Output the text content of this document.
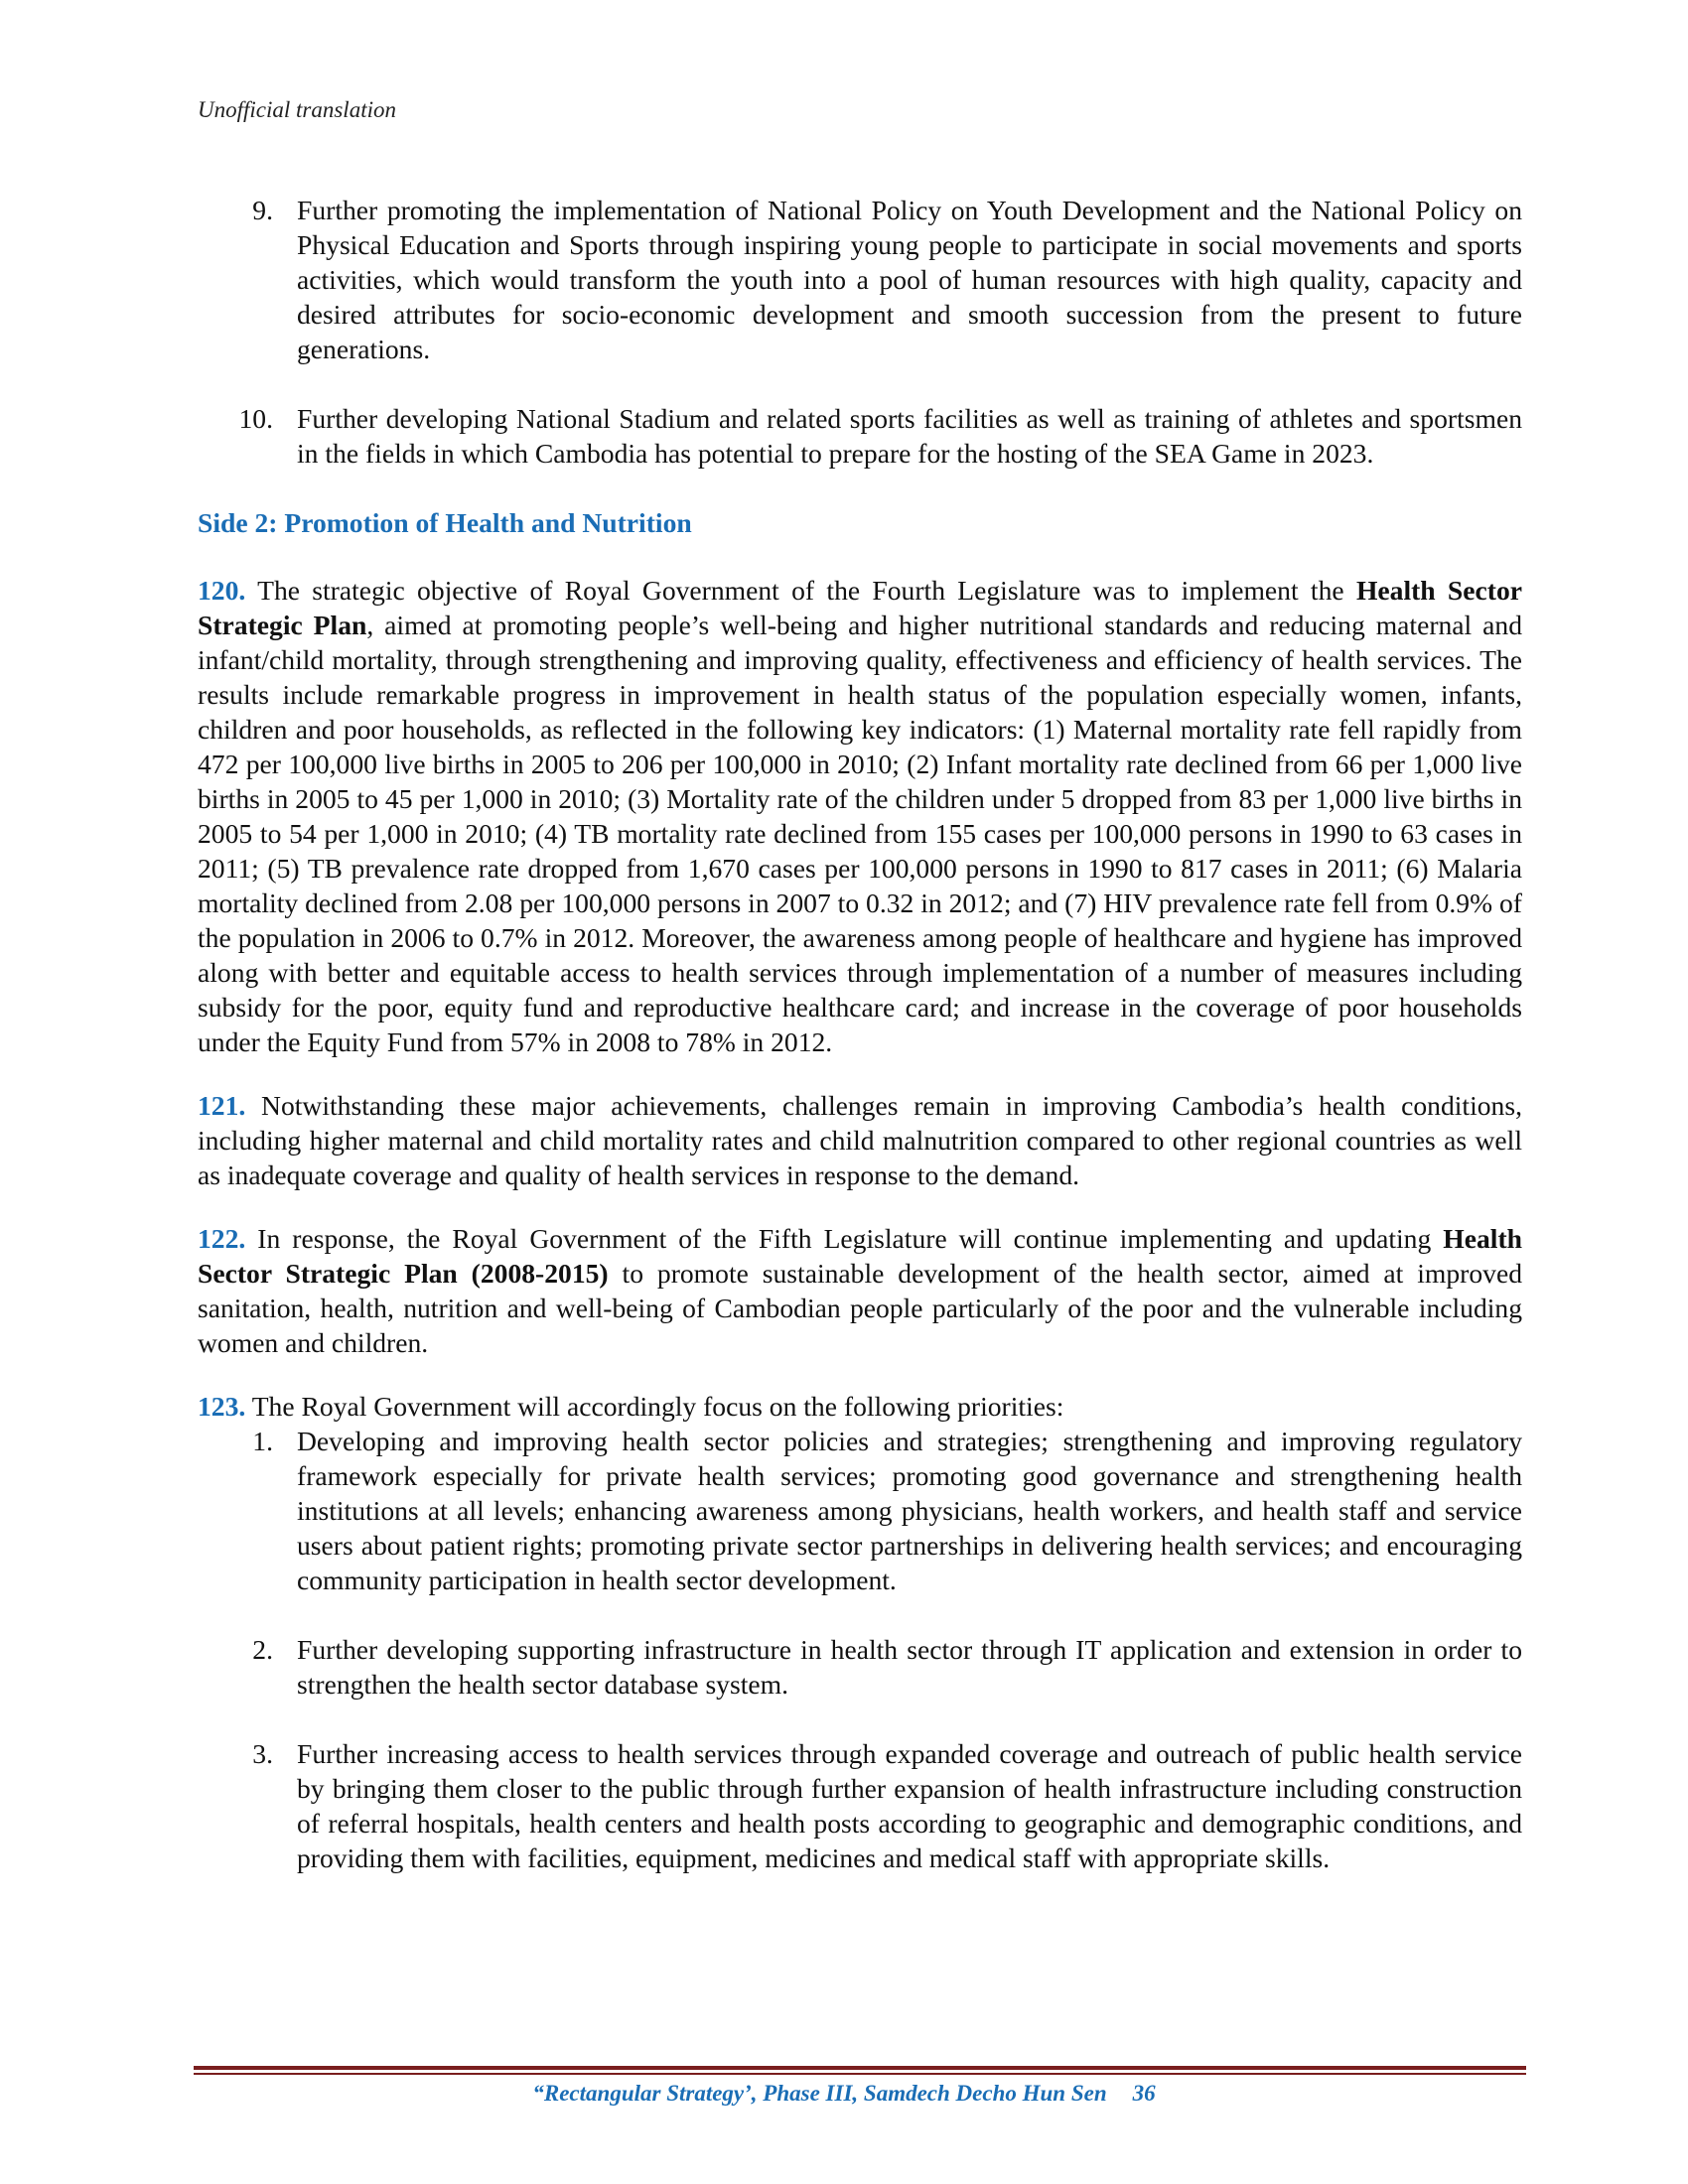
Unofficial translation
9. Further promoting the implementation of National Policy on Youth Development and the National Policy on Physical Education and Sports through inspiring young people to participate in social movements and sports activities, which would transform the youth into a pool of human resources with high quality, capacity and desired attributes for socio-economic development and smooth succession from the present to future generations.
10. Further developing National Stadium and related sports facilities as well as training of athletes and sportsmen in the fields in which Cambodia has potential to prepare for the hosting of the SEA Game in 2023.

Side 2: Promotion of Health and Nutrition

120. The strategic objective of Royal Government of the Fourth Legislature was to implement the Health Sector Strategic Plan, aimed at promoting people’s well-being and higher nutritional standards and reducing maternal and infant/child mortality, through strengthening and improving quality, effectiveness and efficiency of health services. The results include remarkable progress in improvement in health status of the population especially women, infants, children and poor households, as reflected in the following key indicators: (1) Maternal mortality rate fell rapidly from 472 per 100,000 live births in 2005 to 206 per 100,000 in 2010; (2) Infant mortality rate declined from 66 per 1,000 live births in 2005 to 45 per 1,000 in 2010; (3) Mortality rate of the children under 5 dropped from 83 per 1,000 live births in 2005 to 54 per 1,000 in 2010; (4) TB mortality rate declined from 155 cases per 100,000 persons in 1990 to 63 cases in 2011; (5) TB prevalence rate dropped from 1,670 cases per 100,000 persons in 1990 to 817 cases in 2011; (6) Malaria mortality declined from 2.08 per 100,000 persons in 2007 to 0.32 in 2012; and (7) HIV prevalence rate fell from 0.9% of the population in 2006 to 0.7% in 2012. Moreover, the awareness among people of healthcare and hygiene has improved along with better and equitable access to health services through implementation of a number of measures including subsidy for the poor, equity fund and reproductive healthcare card; and increase in the coverage of poor households under the Equity Fund from 57% in 2008 to 78% in 2012.

121. Notwithstanding these major achievements, challenges remain in improving Cambodia’s health conditions, including higher maternal and child mortality rates and child malnutrition compared to other regional countries as well as inadequate coverage and quality of health services in response to the demand.

122. In response, the Royal Government of the Fifth Legislature will continue implementing and updating Health Sector Strategic Plan (2008-2015) to promote sustainable development of the health sector, aimed at improved sanitation, health, nutrition and well-being of Cambodian people particularly of the poor and the vulnerable including women and children.

123. The Royal Government will accordingly focus on the following priorities:

1. Developing and improving health sector policies and strategies; strengthening and improving regulatory framework especially for private health services; promoting good governance and strengthening health institutions at all levels; enhancing awareness among physicians, health workers, and health staff and service users about patient rights; promoting private sector partnerships in delivering health services; and encouraging community participation in health sector development.
2. Further developing supporting infrastructure in health sector through IT application and extension in order to strengthen the health sector database system.
3. Further increasing access to health services through expanded coverage and outreach of public health service by bringing them closer to the public through further expansion of health infrastructure including construction of referral hospitals, health centers and health posts according to geographic and demographic conditions, and providing them with facilities, equipment, medicines and medical staff with appropriate skills.
“Rectangular Strategy’, Phase III, Samdech Decho Hun Sen 36
